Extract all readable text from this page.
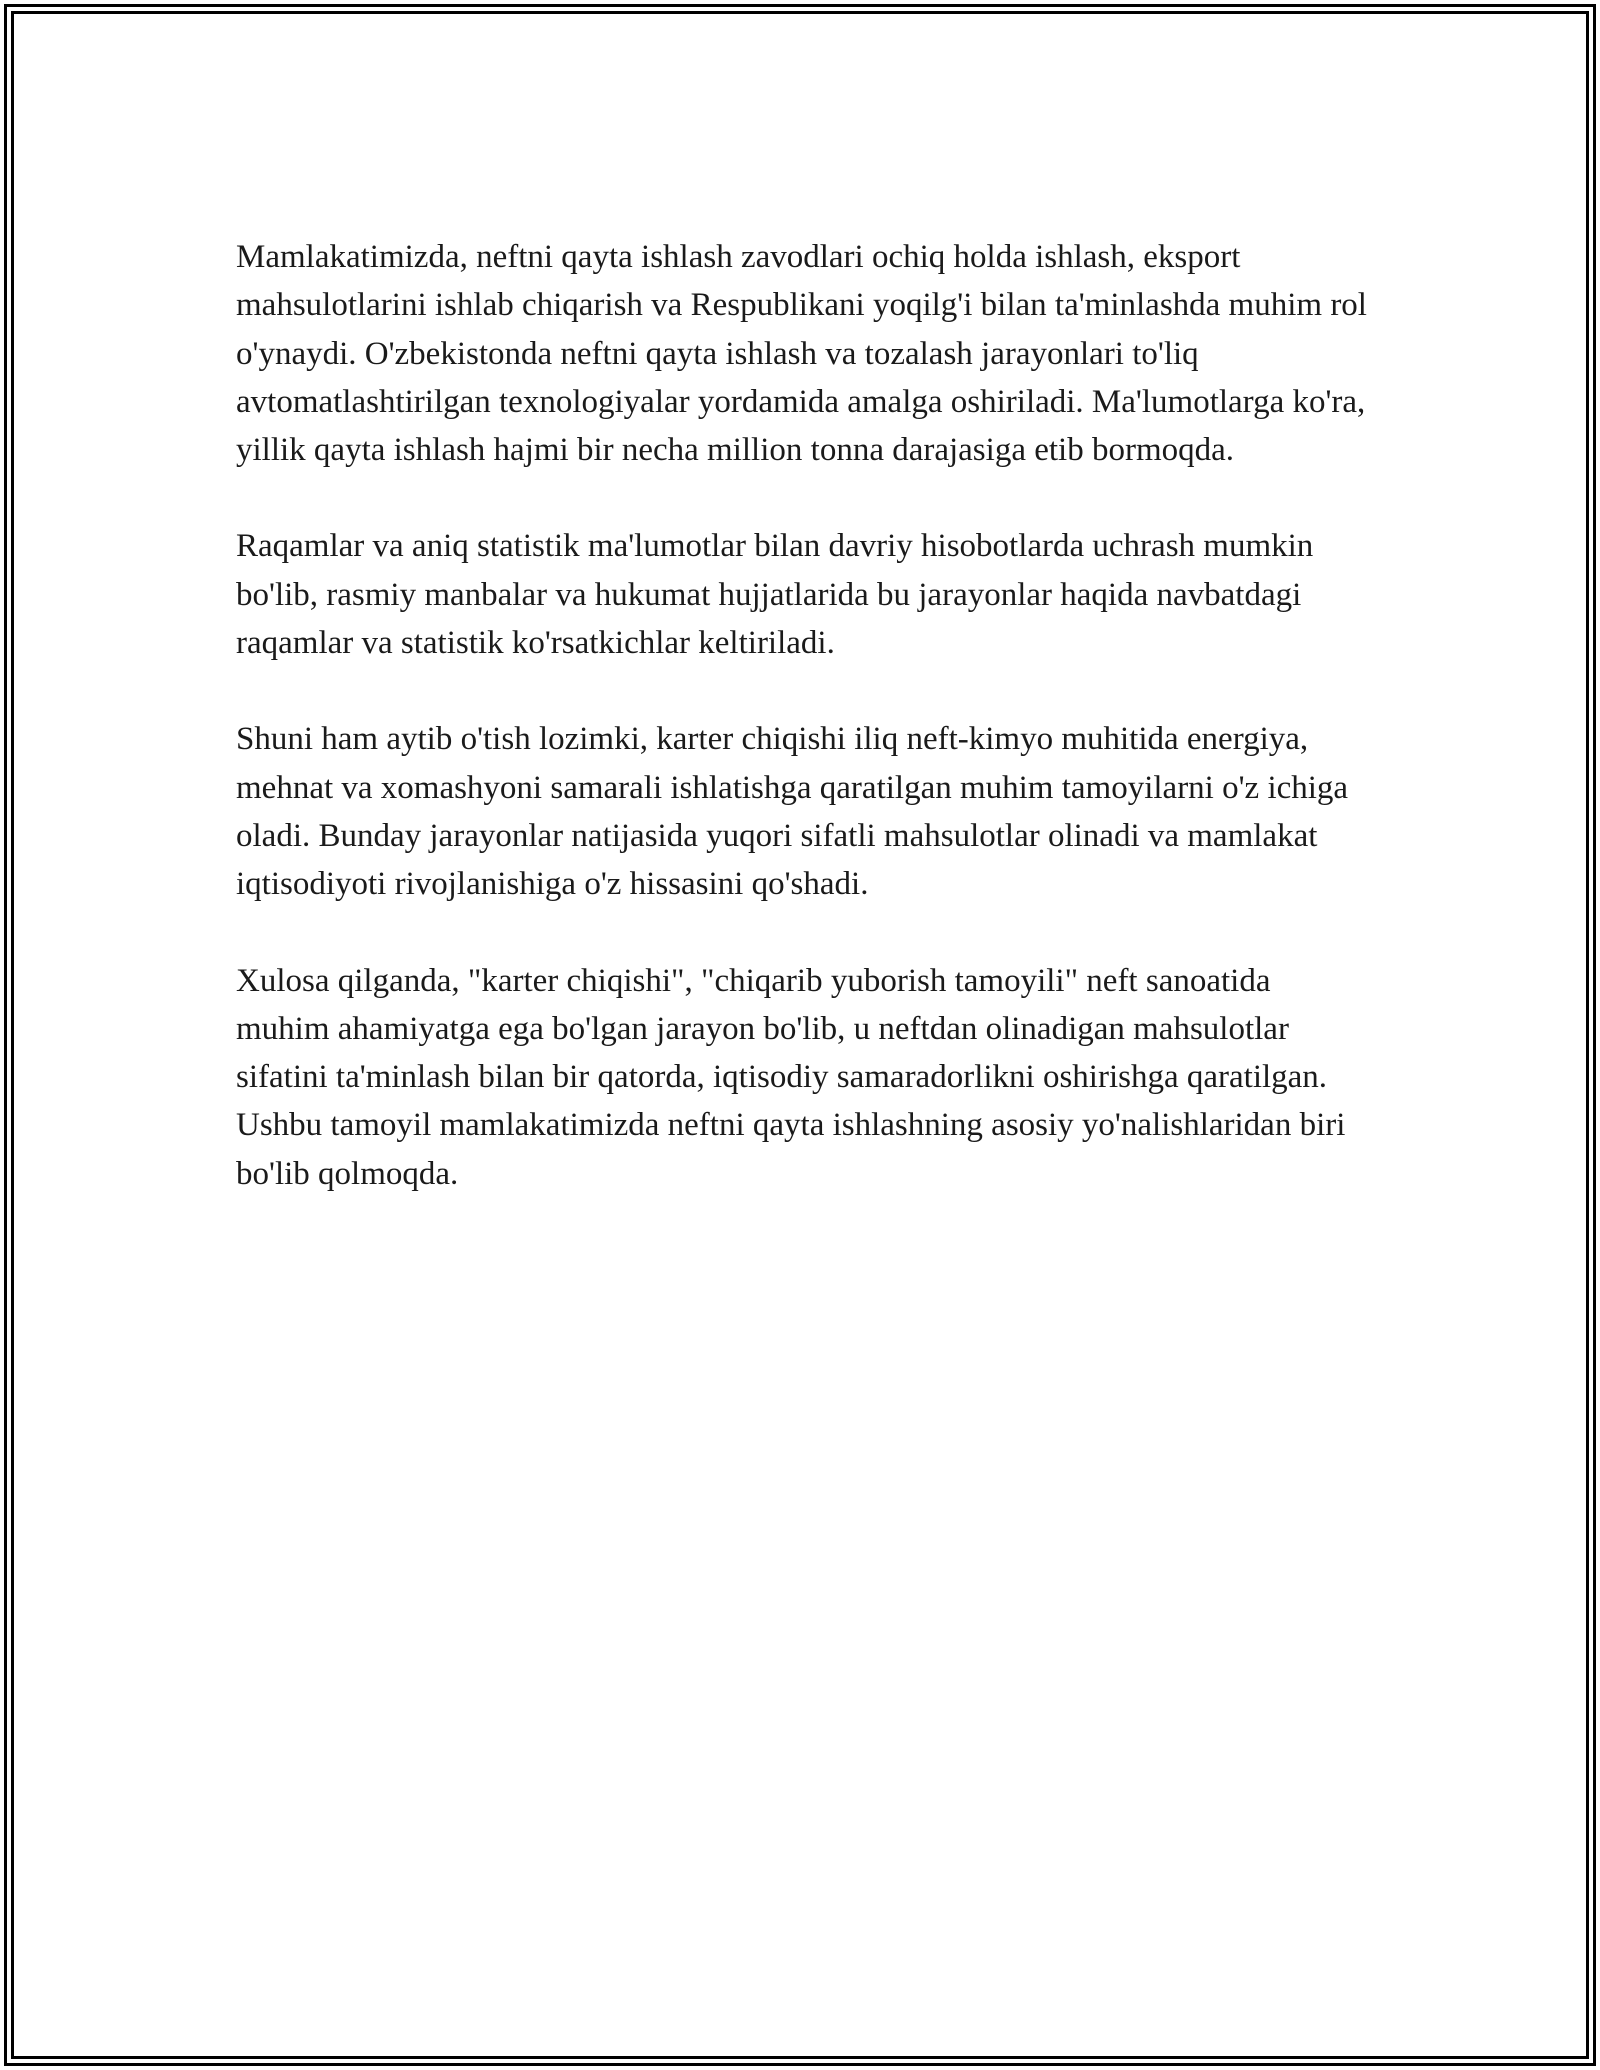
Mamlakatimizda, neftni qayta ishlash zavodlari ochiq holda ishlash, eksport mahsulotlarini ishlab chiqarish va Respublikani yoqilg'i bilan ta'minlashda muhim rol o'ynaydi. O'zbekistonda neftni qayta ishlash va tozalash jarayonlari to'liq avtomatlashtirilgan texnologiyalar yordamida amalga oshiriladi. Ma'lumotlarga ko'ra, yillik qayta ishlash hajmi bir necha million tonna darajasiga etib bormoqda.

Raqamlar va aniq statistik ma'lumotlar bilan davriy hisobotlarda uchrash mumkin bo'lib, rasmiy manbalar va hukumat hujjatlarida bu jarayonlar haqida navbatdagi raqamlar va statistik ko'rsatkichlar keltiriladi.

Shuni ham aytib o'tish lozimki, karter chiqishi iliq neft-kimyo muhitida energiya, mehnat va xomashyoni samarali ishlatishga qaratilgan muhim tamoyilarni o'z ichiga oladi. Bunday jarayonlar natijasida yuqori sifatli mahsulotlar olinadi va mamlakat iqtisodiyoti rivojlanishiga o'z hissasini qo'shadi.

Xulosa qilganda, "karter chiqishi", "chiqarib yuborish tamoyili" neft sanoatida muhim ahamiyatga ega bo'lgan jarayon bo'lib, u neftdan olinadigan mahsulotlar sifatini ta'minlash bilan bir qatorda, iqtisodiy samaradorlikni oshirishga qaratilgan. Ushbu tamoyil mamlakatimizda neftni qayta ishlashning asosiy yo'nalishlaridan biri bo'lib qolmoqda.
